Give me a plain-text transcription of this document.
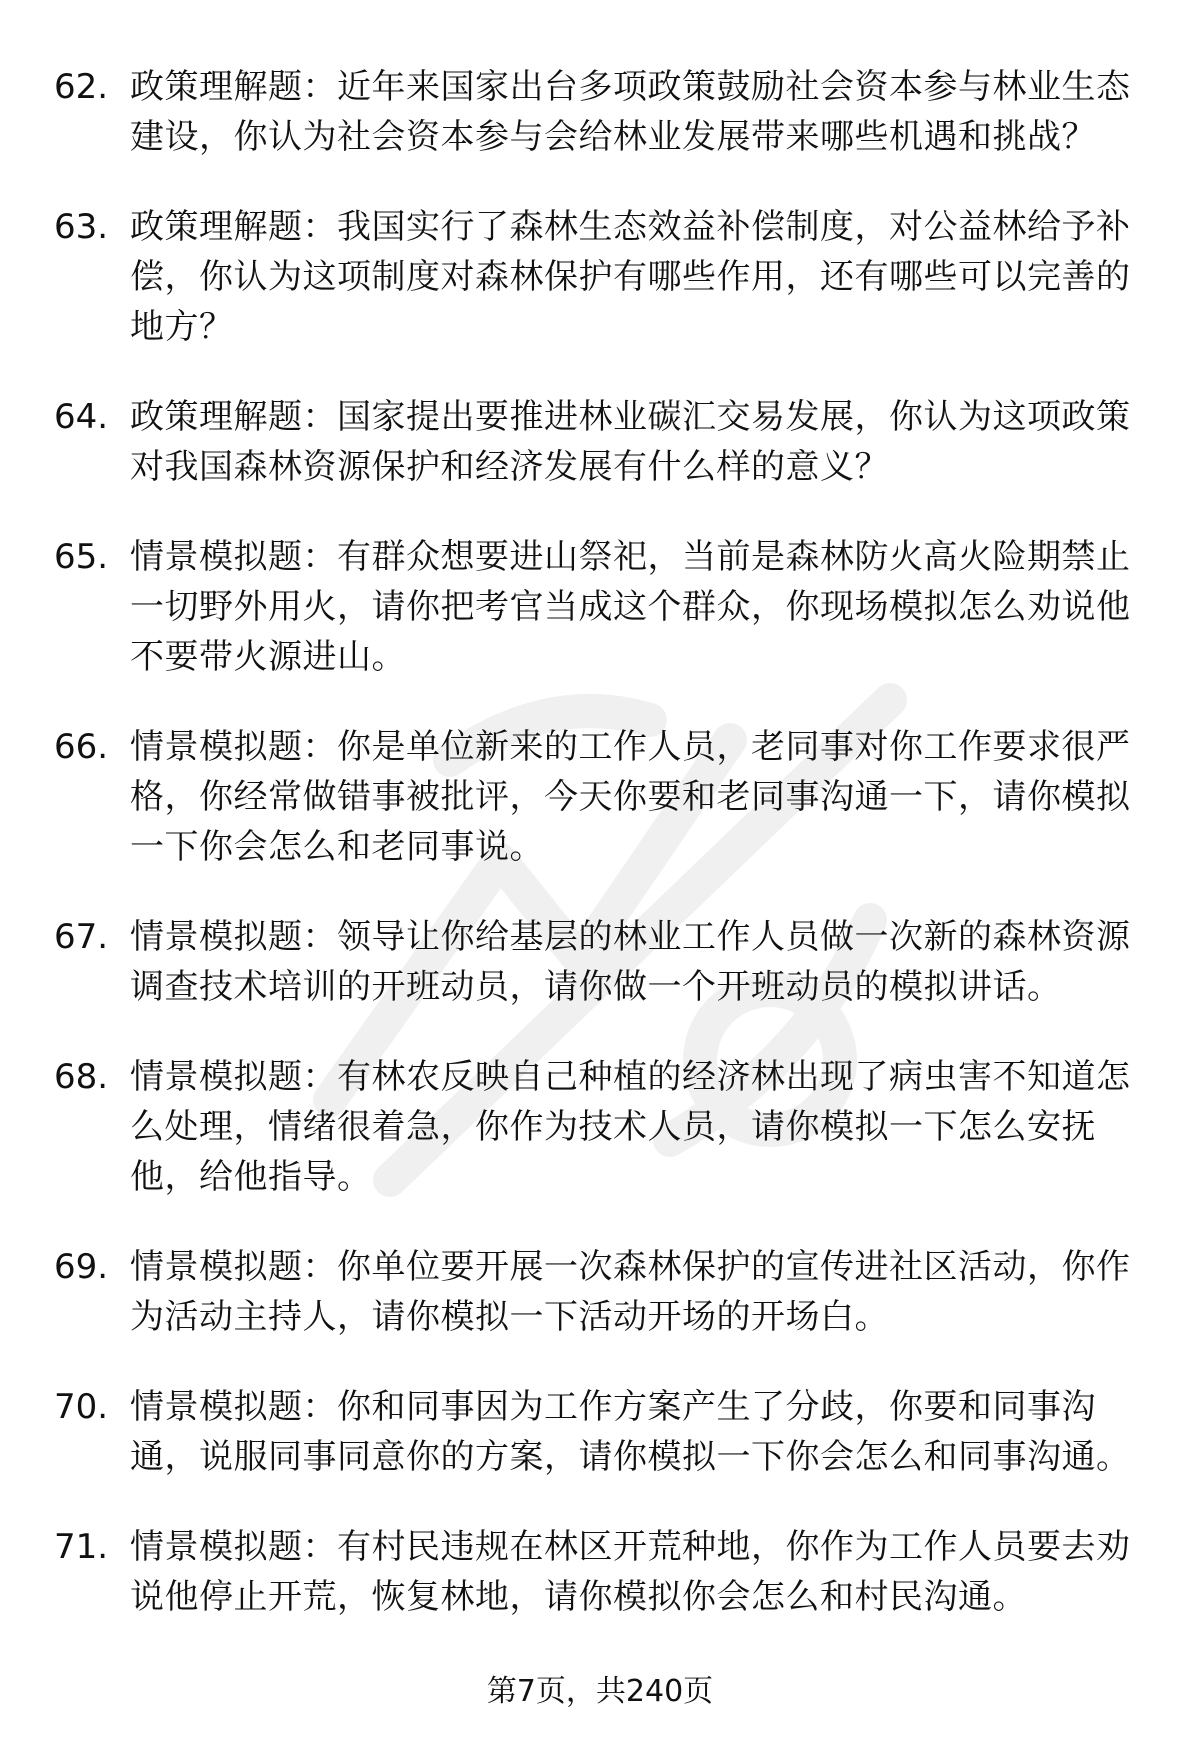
62. 政策理解题：近年来国家出台多项政策鼓励社会资本参与林业生态建设，你认为社会资本参与会给林业发展带来哪些机遇和挑战？
63. 政策理解题：我国实行了森林生态效益补偿制度，对公益林给予补偿，你认为这项制度对森林保护有哪些作用，还有哪些可以完善的地方？
64. 政策理解题：国家提出要推进林业碳汇交易发展，你认为这项政策对我国森林资源保护和经济发展有什么样的意义？
65. 情景模拟题：有群众想要进山祭祀，当前是森林防火高火险期禁止一切野外用火，请你把考官当成这个群众，你现场模拟怎么劝说他不要带火源进山。
66. 情景模拟题：你是单位新来的工作人员，老同事对你工作要求很严格，你经常做错事被批评，今天你要和老同事沟通一下，请你模拟一下你会怎么和老同事说。
67. 情景模拟题：领导让你给基层的林业工作人员做一次新的森林资源调查技术培训的开班动员，请你做一个开班动员的模拟讲话。
68. 情景模拟题：有林农反映自己种植的经济林出现了病虫害不知道怎么处理，情绪很着急，你作为技术人员，请你模拟一下怎么安抚他，给他指导。
69. 情景模拟题：你单位要开展一次森林保护的宣传进社区活动，你作为活动主持人，请你模拟一下活动开场的开场白。
70. 情景模拟题：你和同事因为工作方案产生了分歧，你要和同事沟通，说服同事同意你的方案，请你模拟一下你会怎么和同事沟通。
71. 情景模拟题：有村民违规在林区开荒种地，你作为工作人员要去劝说他停止开荒，恢复林地，请你模拟你会怎么和村民沟通。
第7页，共240页
